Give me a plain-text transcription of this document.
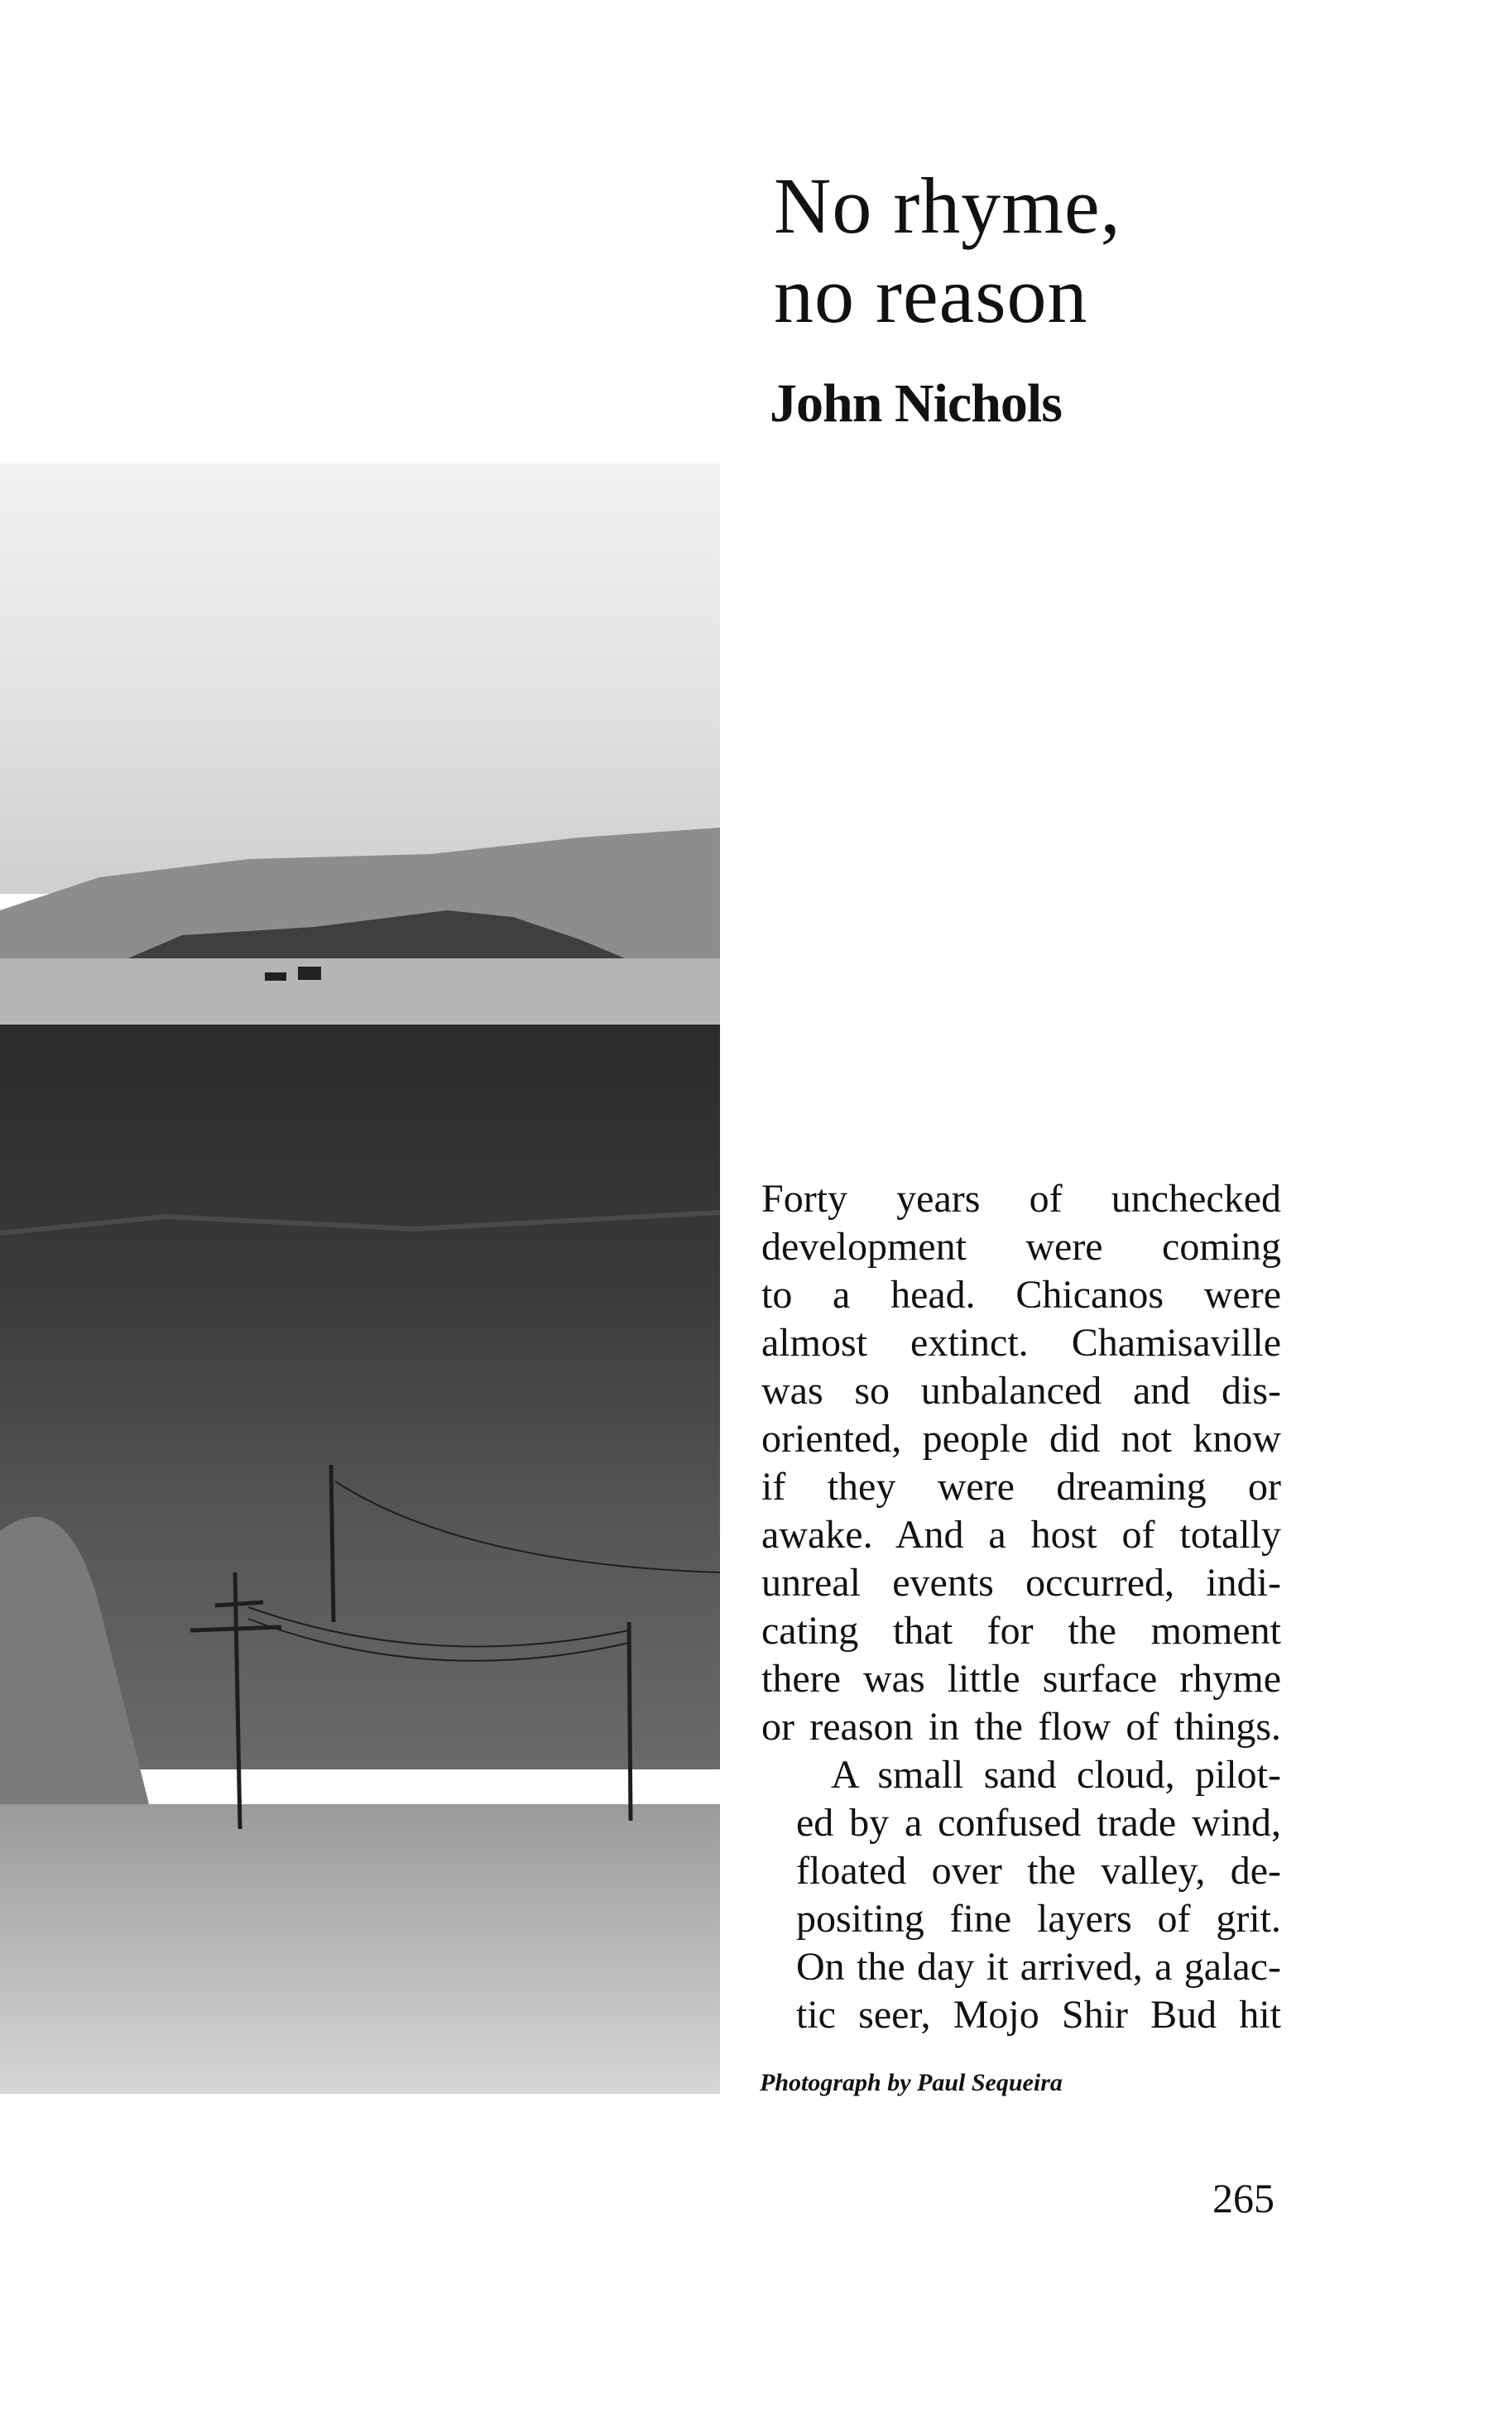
No rhyme,
no reason
John Nichols

Forty years of unchecked
development were coming
to a head. Chicanos were
almost extinct. Chamisaville
was so unbalanced and dis-
oriented, people did not know
if they were dreaming or
awake. And a host of totally
unreal events occurred, indi-
cating that for the moment
there was little surface rhyme
or reason in the flow of things.

A small sand cloud, pilot-
ed by a confused trade wind,
floated over the valley, de-
positing fine layers of grit.
On the day it arrived, a galac-
tic seer, Mojo Shir Bud hit

Photograph by Paul Sequeira

265
